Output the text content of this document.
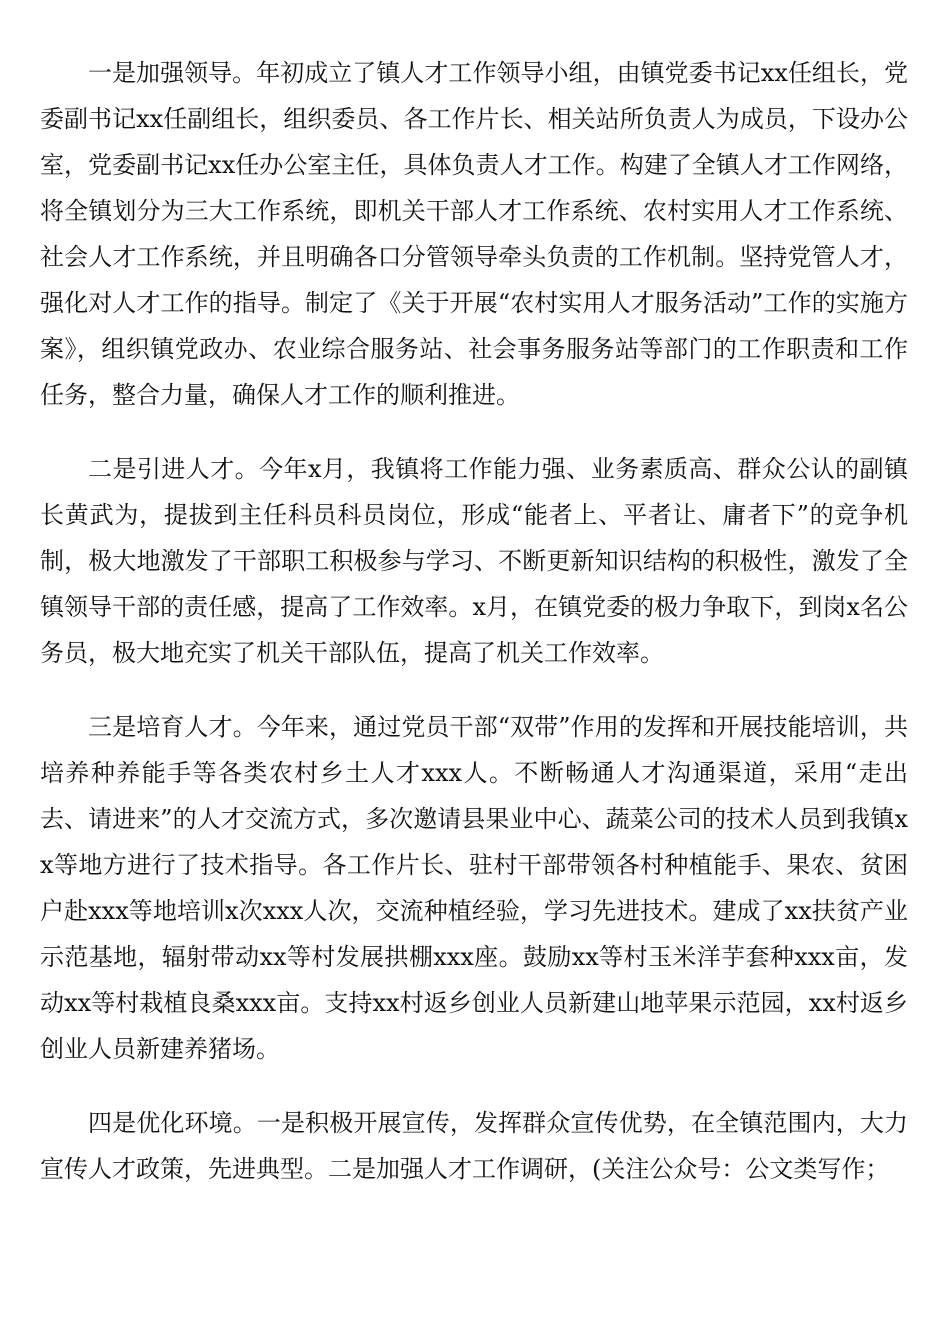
一是加强领导。年初成立了镇人才工作领导小组，由镇党委书记xx任组长，党委副书记xx任副组长，组织委员、各工作片长、相关站所负责人为成员，下设办公室，党委副书记xx任办公室主任，具体负责人才工作。构建了全镇人才工作网络，将全镇划分为三大工作系统，即机关干部人才工作系统、农村实用人才工作系统、社会人才工作系统，并且明确各口分管领导牵头负责的工作机制。坚持党管人才，强化对人才工作的指导。制定了《关于开展“农村实用人才服务活动”工作的实施方案》，组织镇党政办、农业综合服务站、社会事务服务站等部门的工作职责和工作任务，整合力量，确保人才工作的顺利推进。

二是引进人才。今年x月，我镇将工作能力强、业务素质高、群众公认的副镇长黄武为，提拔到主任科员科员岗位，形成“能者上、平者让、庸者下”的竞争机制，极大地激发了干部职工积极参与学习、不断更新知识结构的积极性，激发了全镇领导干部的责任感，提高了工作效率。x月，在镇党委的极力争取下，到岗x名公务员，极大地充实了机关干部队伍，提高了机关工作效率。

三是培育人才。今年来，通过党员干部“双带”作用的发挥和开展技能培训，共培养种养能手等各类农村乡土人才xxx人。不断畅通人才沟通渠道，采用“走出去、请进来”的人才交流方式，多次邀请县果业中心、蔬菜公司的技术人员到我镇xx等地方进行了技术指导。各工作片长、驻村干部带领各村种植能手、果农、贫困户赴xxx等地培训x次xxx人次，交流种植经验，学习先进技术。建成了xx扶贫产业示范基地，辐射带动xx等村发展拱棚xxx座。鼓励xx等村玉米洋芋套种xxx亩，发动xx等村栽植良桑xxx亩。支持xx村返乡创业人员新建山地苹果示范园，xx村返乡创业人员新建养猪场。

四是优化环境。一是积极开展宣传，发挥群众宣传优势，在全镇范围内，大力宣传人才政策，先进典型。二是加强人才工作调研，(关注公众号：公文类写作；
